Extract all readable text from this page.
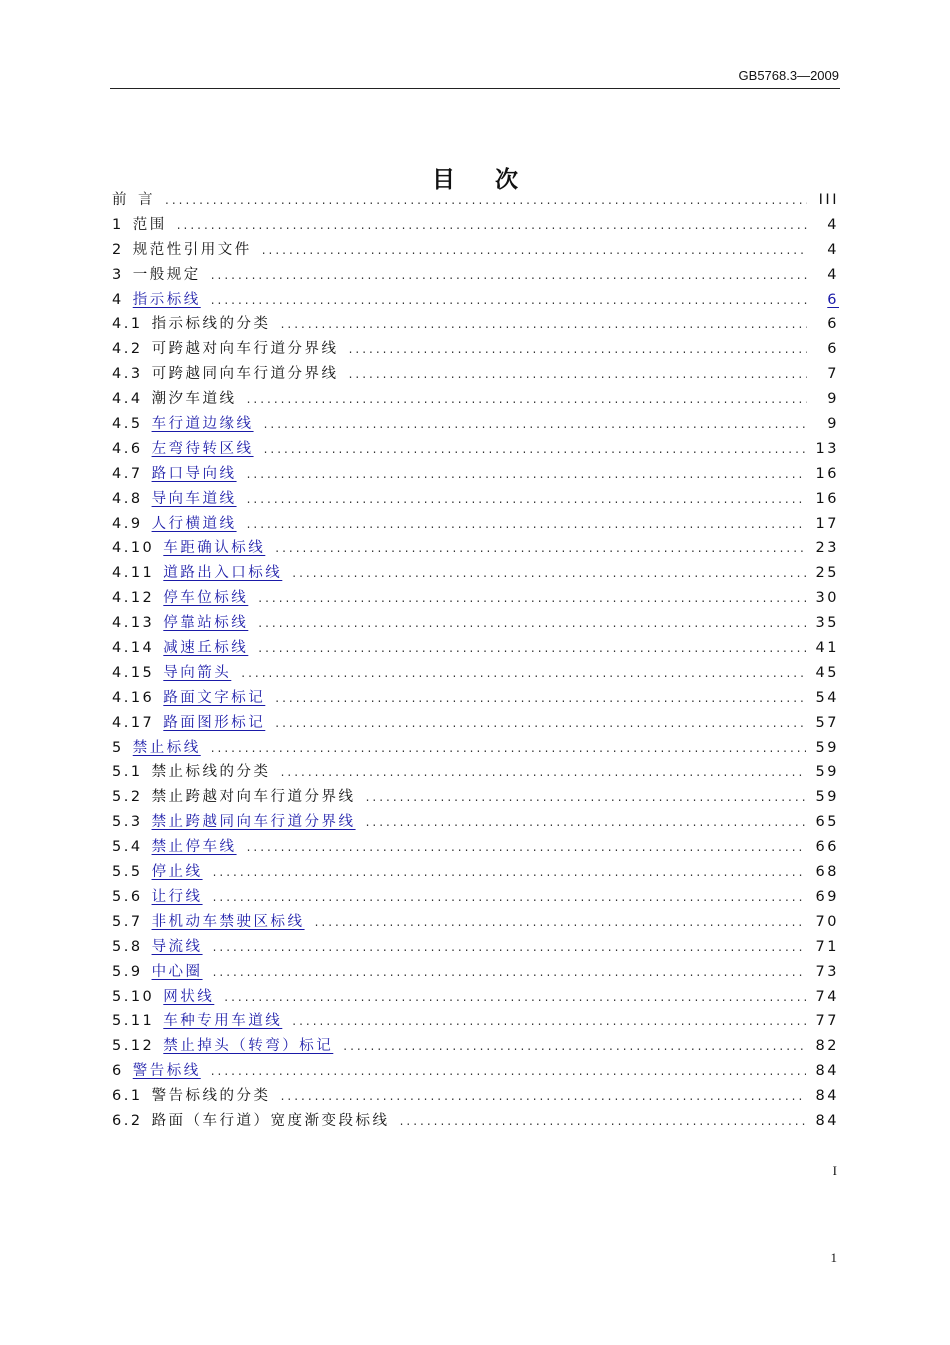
GB5768.3—2009
目 次
前 言 .....	III
1 范围 .....	4
2 规范性引用文件 .....	4
3 一般规定 .....	4
4 指示标线 .....	6
4.1 指示标线的分类 .....	6
4.2 可跨越对向车行道分界线 .....	6
4.3 可跨越同向车行道分界线 .....	7
4.4 潮汐车道线 .....	9
4.5 车行道边缘线 .....	9
4.6 左弯待转区线 .....	13
4.7 路口导向线 .....	16
4.8 导向车道线 .....	16
4.9 人行横道线 .....	17
4.10 车距确认标线 .....	23
4.11 道路出入口标线 .....	25
4.12 停车位标线 .....	30
4.13 停靠站标线 .....	35
4.14 减速丘标线 .....	41
4.15 导向箭头 .....	45
4.16 路面文字标记 .....	54
4.17 路面图形标记 .....	57
5 禁止标线 .....	59
5.1 禁止标线的分类 .....	59
5.2 禁止跨越对向车行道分界线 .....	59
5.3 禁止跨越同向车行道分界线 .....	65
5.4 禁止停车线 .....	66
5.5 停止线 .....	68
5.6 让行线 .....	69
5.7 非机动车禁驶区标线 .....	70
5.8 导流线 .....	71
5.9 中心圈 .....	73
5.10 网状线 .....	74
5.11 车种专用车道线 .....	77
5.12 禁止掉头（转弯）标记 .....	82
6 警告标线 .....	84
6.1 警告标线的分类 .....	84
6.2 路面（车行道）宽度渐变段标线 .....	84
I
1
